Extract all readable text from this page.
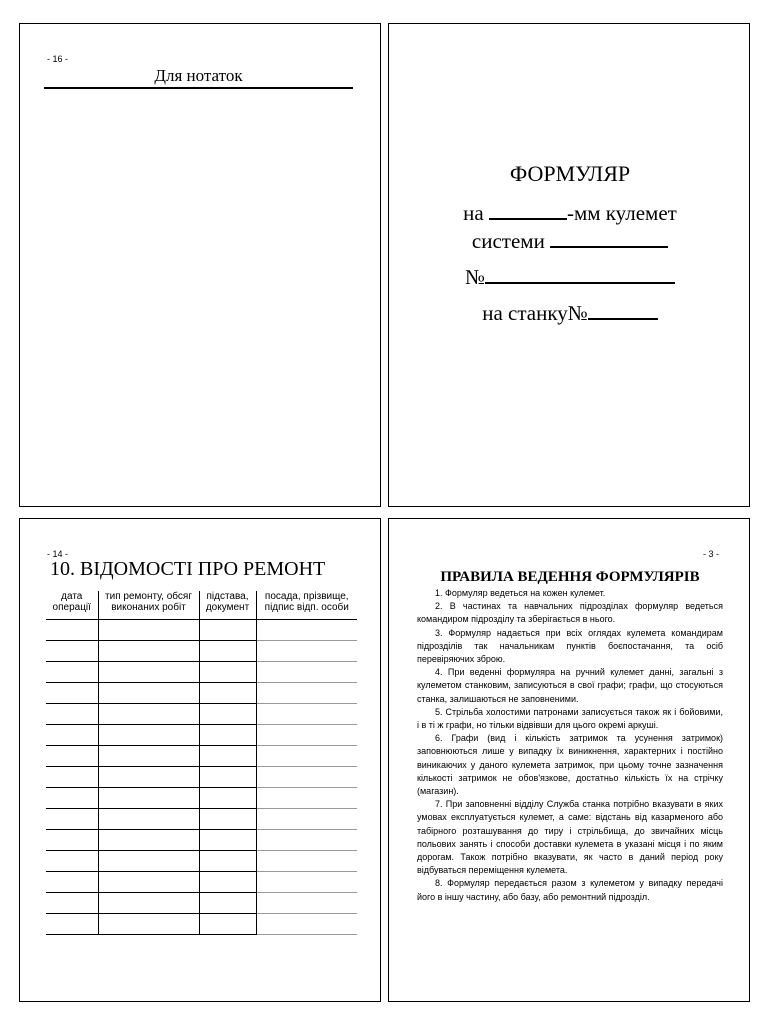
- 16 -
Для нотаток
ФОРМУЛЯР
на	-мм кулемет
системи
№
на станку№
- 14 -
10. ВІДОМОСТІ ПРО РЕМОНТ
дата операції	тип ремонту, обсяг виконаних робіт	підстава, документ	посада, прізвище, підпис відп. особи

- 3 -
ПРАВИЛА ВЕДЕННЯ ФОРМУЛЯРІВ

1. Формуляр ведеться на кожен кулемет.

2. В частинах та навчальних підрозділах формуляр ведеться командиром підрозділу та зберігається в нього.

3. Формуляр надається при всіх оглядах кулемета командирам підрозділів так начальникам пунктів боєпостачання, та осіб перевіряючих зброю.

4. При веденні формуляра на ручний кулемет данні, загальні з кулеметом станковим, записуються в свої графи; графи, що стосуються станка, залишаються не заповненими.

5. Стрільба холостими патронами записується також як і бойовими, і в ті ж графи, но тільки відвівши для цього окремі аркуші.

6. Графи (вид і кількість затримок та усунення затримок) заповнюються лише у випадку їх виникнення, характерних і постійно виникаючих у даного кулемета затримок, при цьому точне зазначення кількості затримок не обов'язкове, достатньо кількість їх на стрічку (магазин).

7. При заповненні відділу Служба станка потрібно вказувати в яких умовах експлуатується кулемет, а саме: відстань від казарменого або табірного розташування до тиру і стрільбища, до звичайних місць польових занять і способи доставки кулемета в указані місця і по яким дорогам. Також потрібно вказувати, як часто в даний період року відбуваться переміщення кулемета.

8. Формуляр передається разом з кулеметом у випадку передачі його в іншу частину, або базу, або ремонтний підрозділ.
